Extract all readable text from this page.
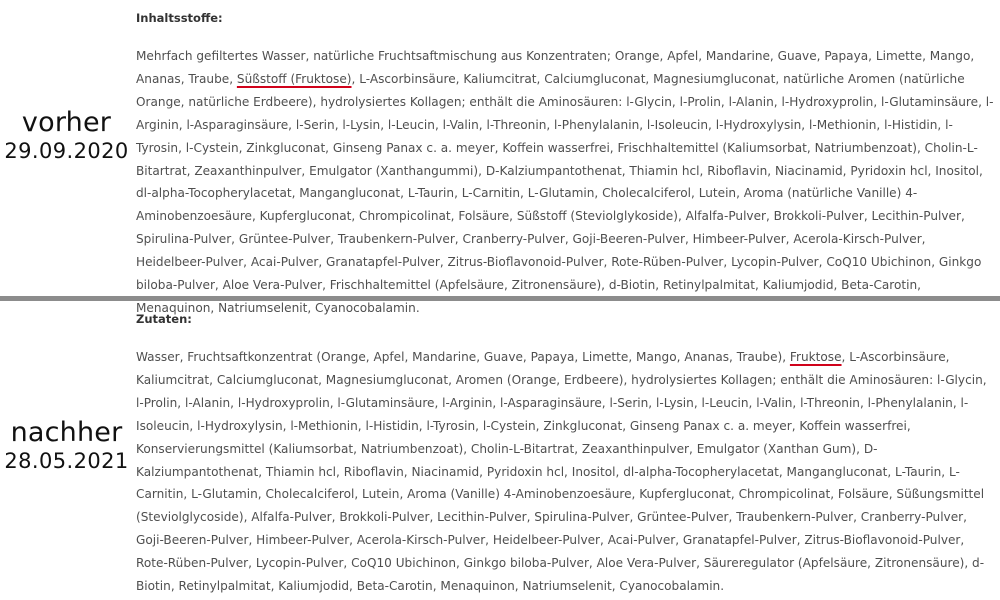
vorher
29.09.2020
Inhaltsstoffe:

Mehrfach gefiltertes Wasser, natürliche Fruchtsaftmischung aus Konzentraten; Orange, Apfel, Mandarine, Guave, Papaya, Limette, Mango, Ananas, Traube, Süßstoff (Fruktose), L-Ascorbinsäure, Kaliumcitrat, Calciumgluconat, Magnesiumgluconat, natürliche Aromen (natürliche Orange, natürliche Erdbeere), hydrolysiertes Kollagen; enthält die Aminosäuren: l-Glycin, l-Prolin, l-Alanin, l-Hydroxyprolin, l-Glutaminsäure, l-Arginin, l-Asparaginsäure, l-Serin, l-Lysin, l-Leucin, l-Valin, l-Threonin, l-Phenylalanin, l-Isoleucin, l-Hydroxylysin, l-Methionin, l-Histidin, l-Tyrosin, l-Cystein, Zinkgluconat, Ginseng Panax c. a. meyer, Koffein wasserfrei, Frischhaltemittel (Kaliumsorbat, Natriumbenzoat), Cholin-L-Bitartrat, Zeaxanthinpulver, Emulgator (Xanthangummi), D-Kalziumpantothenat, Thiamin hcl, Riboflavin, Niacinamid, Pyridoxin hcl, Inositol, dl-alpha-Tocopherylacetat, Mangangluconat, L-Taurin, L-Carnitin, L-Glutamin, Cholecalciferol, Lutein, Aroma (natürliche Vanille) 4-Aminobenzoesäure, Kupfergluconat, Chrompicolinat, Folsäure, Süßstoff (Steviolglykoside), Alfalfa-Pulver, Brokkoli-Pulver, Lecithin-Pulver, Spirulina-Pulver, Grüntee-Pulver, Traubenkern-Pulver, Cranberry-Pulver, Goji-Beeren-Pulver, Himbeer-Pulver, Acerola-Kirsch-Pulver, Heidelbeer-Pulver, Acai-Pulver, Granatapfel-Pulver, Zitrus-Bioflavonoid-Pulver, Rote-Rüben-Pulver, Lycopin-Pulver, CoQ10 Ubichinon, Ginkgo biloba-Pulver, Aloe Vera-Pulver, Frischhaltemittel (Apfelsäure, Zitronensäure), d-Biotin, Retinylpalmitat, Kaliumjodid, Beta-Carotin, Menaquinon, Natriumselenit, Cyanocobalamin.

nachher
28.05.2021
Zutaten:

Wasser, Fruchtsaftkonzentrat (Orange, Apfel, Mandarine, Guave, Papaya, Limette, Mango, Ananas, Traube), Fruktose, L-Ascorbinsäure, Kaliumcitrat, Calciumgluconat, Magnesiumgluconat, Aromen (Orange, Erdbeere), hydrolysiertes Kollagen; enthält die Aminosäuren: l-Glycin, l-Prolin, l-Alanin, l-Hydroxyprolin, l-Glutaminsäure, l-Arginin, l-Asparaginsäure, l-Serin, l-Lysin, l-Leucin, l-Valin, l-Threonin, l-Phenylalanin, l-Isoleucin, l-Hydroxylysin, l-Methionin, l-Histidin, l-Tyrosin, l-Cystein, Zinkgluconat, Ginseng Panax c. a. meyer, Koffein wasserfrei, Konservierungsmittel (Kaliumsorbat, Natriumbenzoat), Cholin-L-Bitartrat, Zeaxanthinpulver, Emulgator (Xanthan Gum), D-Kalziumpantothenat, Thiamin hcl, Riboflavin, Niacinamid, Pyridoxin hcl, Inositol, dl-alpha-Tocopherylacetat, Mangangluconat, L-Taurin, L-Carnitin, L-Glutamin, Cholecalciferol, Lutein, Aroma (Vanille) 4-Aminobenzoesäure, Kupfergluconat, Chrompicolinat, Folsäure, Süßungsmittel (Steviolglycoside), Alfalfa-Pulver, Brokkoli-Pulver, Lecithin-Pulver, Spirulina-Pulver, Grüntee-Pulver, Traubenkern-Pulver, Cranberry-Pulver, Goji-Beeren-Pulver, Himbeer-Pulver, Acerola-Kirsch-Pulver, Heidelbeer-Pulver, Acai-Pulver, Granatapfel-Pulver, Zitrus-Bioflavonoid-Pulver, Rote-Rüben-Pulver, Lycopin-Pulver, CoQ10 Ubichinon, Ginkgo biloba-Pulver, Aloe Vera-Pulver, Säureregulator (Apfelsäure, Zitronensäure), d-Biotin, Retinylpalmitat, Kaliumjodid, Beta-Carotin, Menaquinon, Natriumselenit, Cyanocobalamin.
